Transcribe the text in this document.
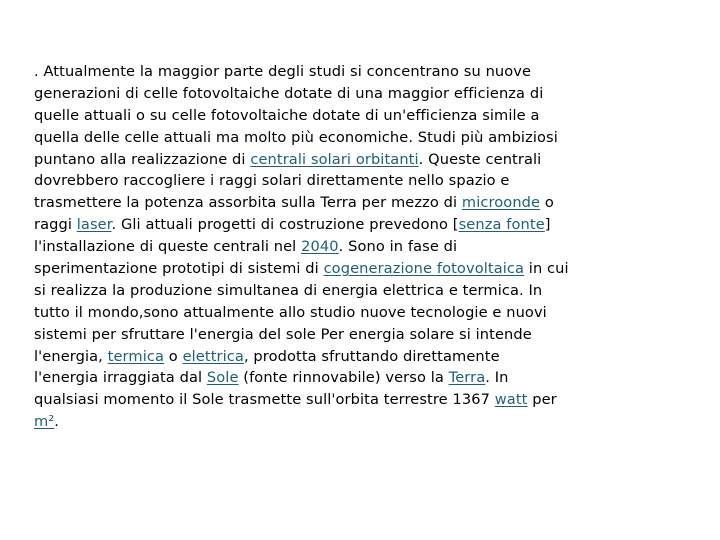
. Attualmente la maggior parte degli studi si concentrano su nuove
generazioni di celle fotovoltaiche dotate di una maggior efficienza di
quelle attuali o su celle fotovoltaiche dotate di un'efficienza simile a
quella delle celle attuali ma molto più economiche. Studi più ambiziosi
puntano alla realizzazione di centrali solari orbitanti. Queste centrali
dovrebbero raccogliere i raggi solari direttamente nello spazio e
trasmettere la potenza assorbita sulla Terra per mezzo di microonde o
raggi laser. Gli attuali progetti di costruzione prevedono [senza fonte]
l'installazione di queste centrali nel 2040. Sono in fase di
sperimentazione prototipi di sistemi di cogenerazione fotovoltaica in cui
si realizza la produzione simultanea di energia elettrica e termica. In
tutto il mondo,sono attualmente allo studio nuove tecnologie e nuovi
sistemi per sfruttare l'energia del sole Per energia solare si intende
l'energia, termica o elettrica, prodotta sfruttando direttamente
l'energia irraggiata dal Sole (fonte rinnovabile) verso la Terra. In
qualsiasi momento il Sole trasmette sull'orbita terrestre 1367 watt per
m².
